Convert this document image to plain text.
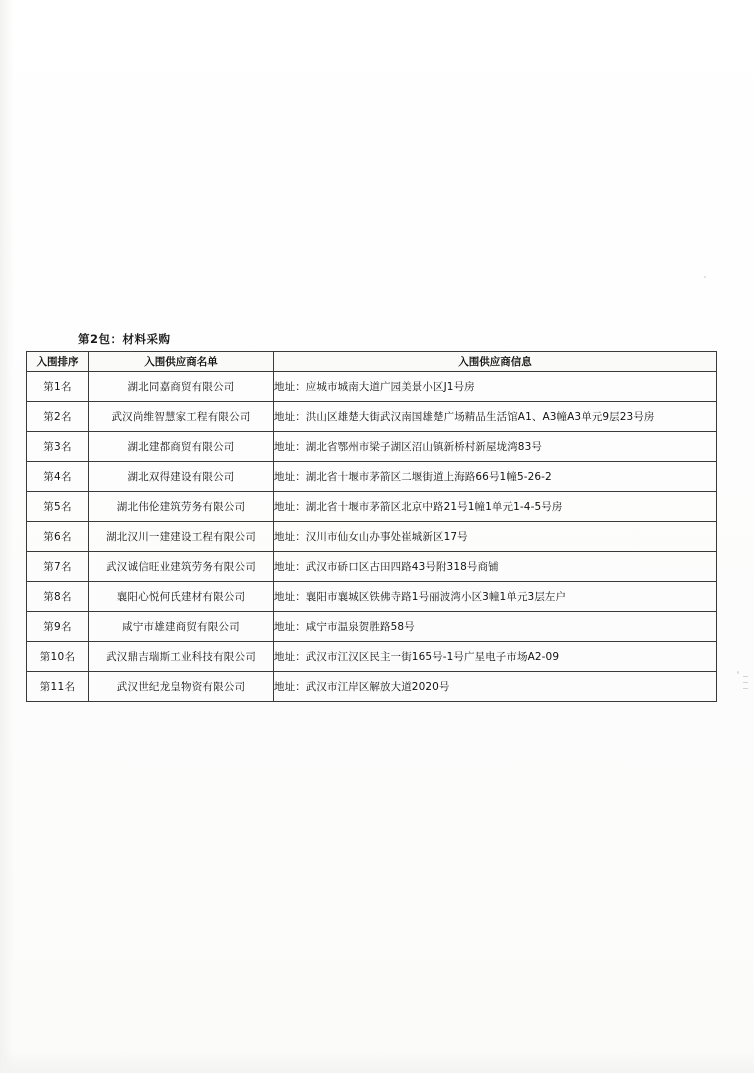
第2包：材料采购
入围排序	入围供应商名单	入围供应商信息
第1名	湖北同嘉商贸有限公司	地址：应城市城南大道广园美景小区J1号房
第2名	武汉尚维智慧家工程有限公司	地址：洪山区雄楚大街武汉南国雄楚广场精品生活馆A1、A3幢A3单元9层23号房
第3名	湖北建都商贸有限公司	地址：湖北省鄂州市梁子湖区沼山镇新桥村新屋垅湾83号
第4名	湖北双得建设有限公司	地址：湖北省十堰市茅箭区二堰街道上海路66号1幢5-26-2
第5名	湖北伟伦建筑劳务有限公司	地址：湖北省十堰市茅箭区北京中路21号1幢1单元1-4-5号房
第6名	湖北汉川一建建设工程有限公司	地址：汉川市仙女山办事处崔城新区17号
第7名	武汉诚信旺业建筑劳务有限公司	地址：武汉市硚口区古田四路43号附318号商铺
第8名	襄阳心悦何氏建材有限公司	地址：襄阳市襄城区铁佛寺路1号丽波湾小区3幢1单元3层左户
第9名	咸宁市雄建商贸有限公司	地址：咸宁市温泉贺胜路58号
第10名	武汉鼎吉瑞斯工业科技有限公司	地址：武汉市江汉区民主一街165号-1号广星电子市场A2-09
第11名	武汉世纪龙皇物资有限公司	地址：武汉市江岸区解放大道2020号
